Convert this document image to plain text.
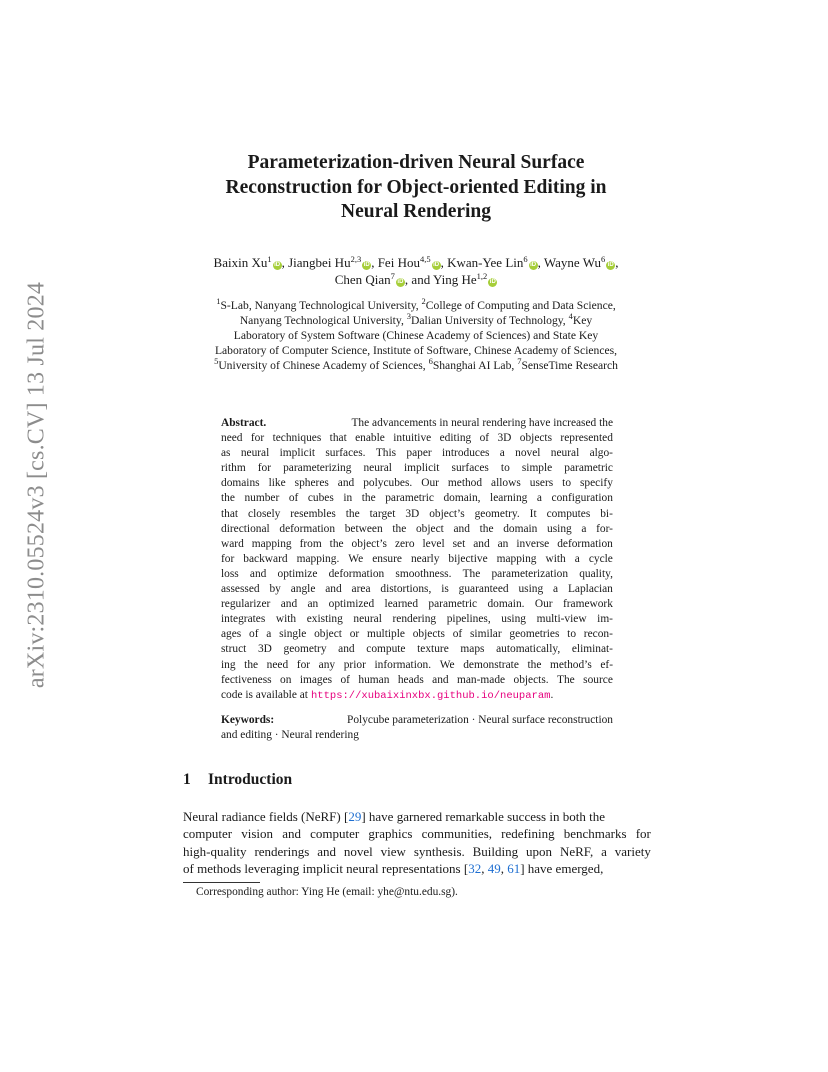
arXiv:2310.05524v3 [cs.CV] 13 Jul 2024
Parameterization-driven Neural Surface
Reconstruction for Object-oriented Editing in
Neural Rendering
Baixin Xu$^1$iD , Jiangbei Hu$^{2,3}$iD , Fei Hou$^{4,5}$iD , Kwan-Yee Lin$^6$iD , Wayne Wu$^6$iD ,
Chen Qian$^7$iD , and Ying He$^{1,2}$iD
$^1$S-Lab, Nanyang Technological University, $^2$College of Computing and Data Science,
Nanyang Technological University, $^3$Dalian University of Technology, $^4$Key
Laboratory of System Software (Chinese Academy of Sciences) and State Key
Laboratory of Computer Science, Institute of Software, Chinese Academy of Sciences,
$^5$University of Chinese Academy of Sciences, $^6$Shanghai AI Lab, $^7$SenseTime Research
Abstract.	The advancements in neural rendering have increased the
need for techniques that enable intuitive editing of 3D objects represented
as neural implicit surfaces. This paper introduces a novel neural algo-
rithm for parameterizing neural implicit surfaces to simple parametric
domains like spheres and polycubes. Our method allows users to specify
the number of cubes in the parametric domain, learning a configuration
that closely resembles the target 3D object’s geometry. It computes bi-
directional deformation between the object and the domain using a for-
ward mapping from the object’s zero level set and an inverse deformation
for backward mapping. We ensure nearly bijective mapping with a cycle
loss and optimize deformation smoothness. The parameterization quality,
assessed by angle and area distortions, is guaranteed using a Laplacian
regularizer and an optimized learned parametric domain. Our framework
integrates with existing neural rendering pipelines, using multi-view im-
ages of a single object or multiple objects of similar geometries to recon-
struct 3D geometry and compute texture maps automatically, eliminat-
ing the need for any prior information. We demonstrate the method’s ef-
fectiveness on images of human heads and man-made objects. The source
code is available at https://xubaixinxbx.github.io/neuparam.
Keywords:	Polycube parameterization · Neural surface reconstruction
and editing · Neural rendering
1 Introduction
Neural radiance fields (NeRF) [29] have garnered remarkable success in both the
computer vision and computer graphics communities, redefining benchmarks for
high-quality renderings and novel view synthesis. Building upon NeRF, a variety
of methods leveraging implicit neural representations [32, 49, 61] have emerged,
Corresponding author: Ying He (email: yhe@ntu.edu.sg).
